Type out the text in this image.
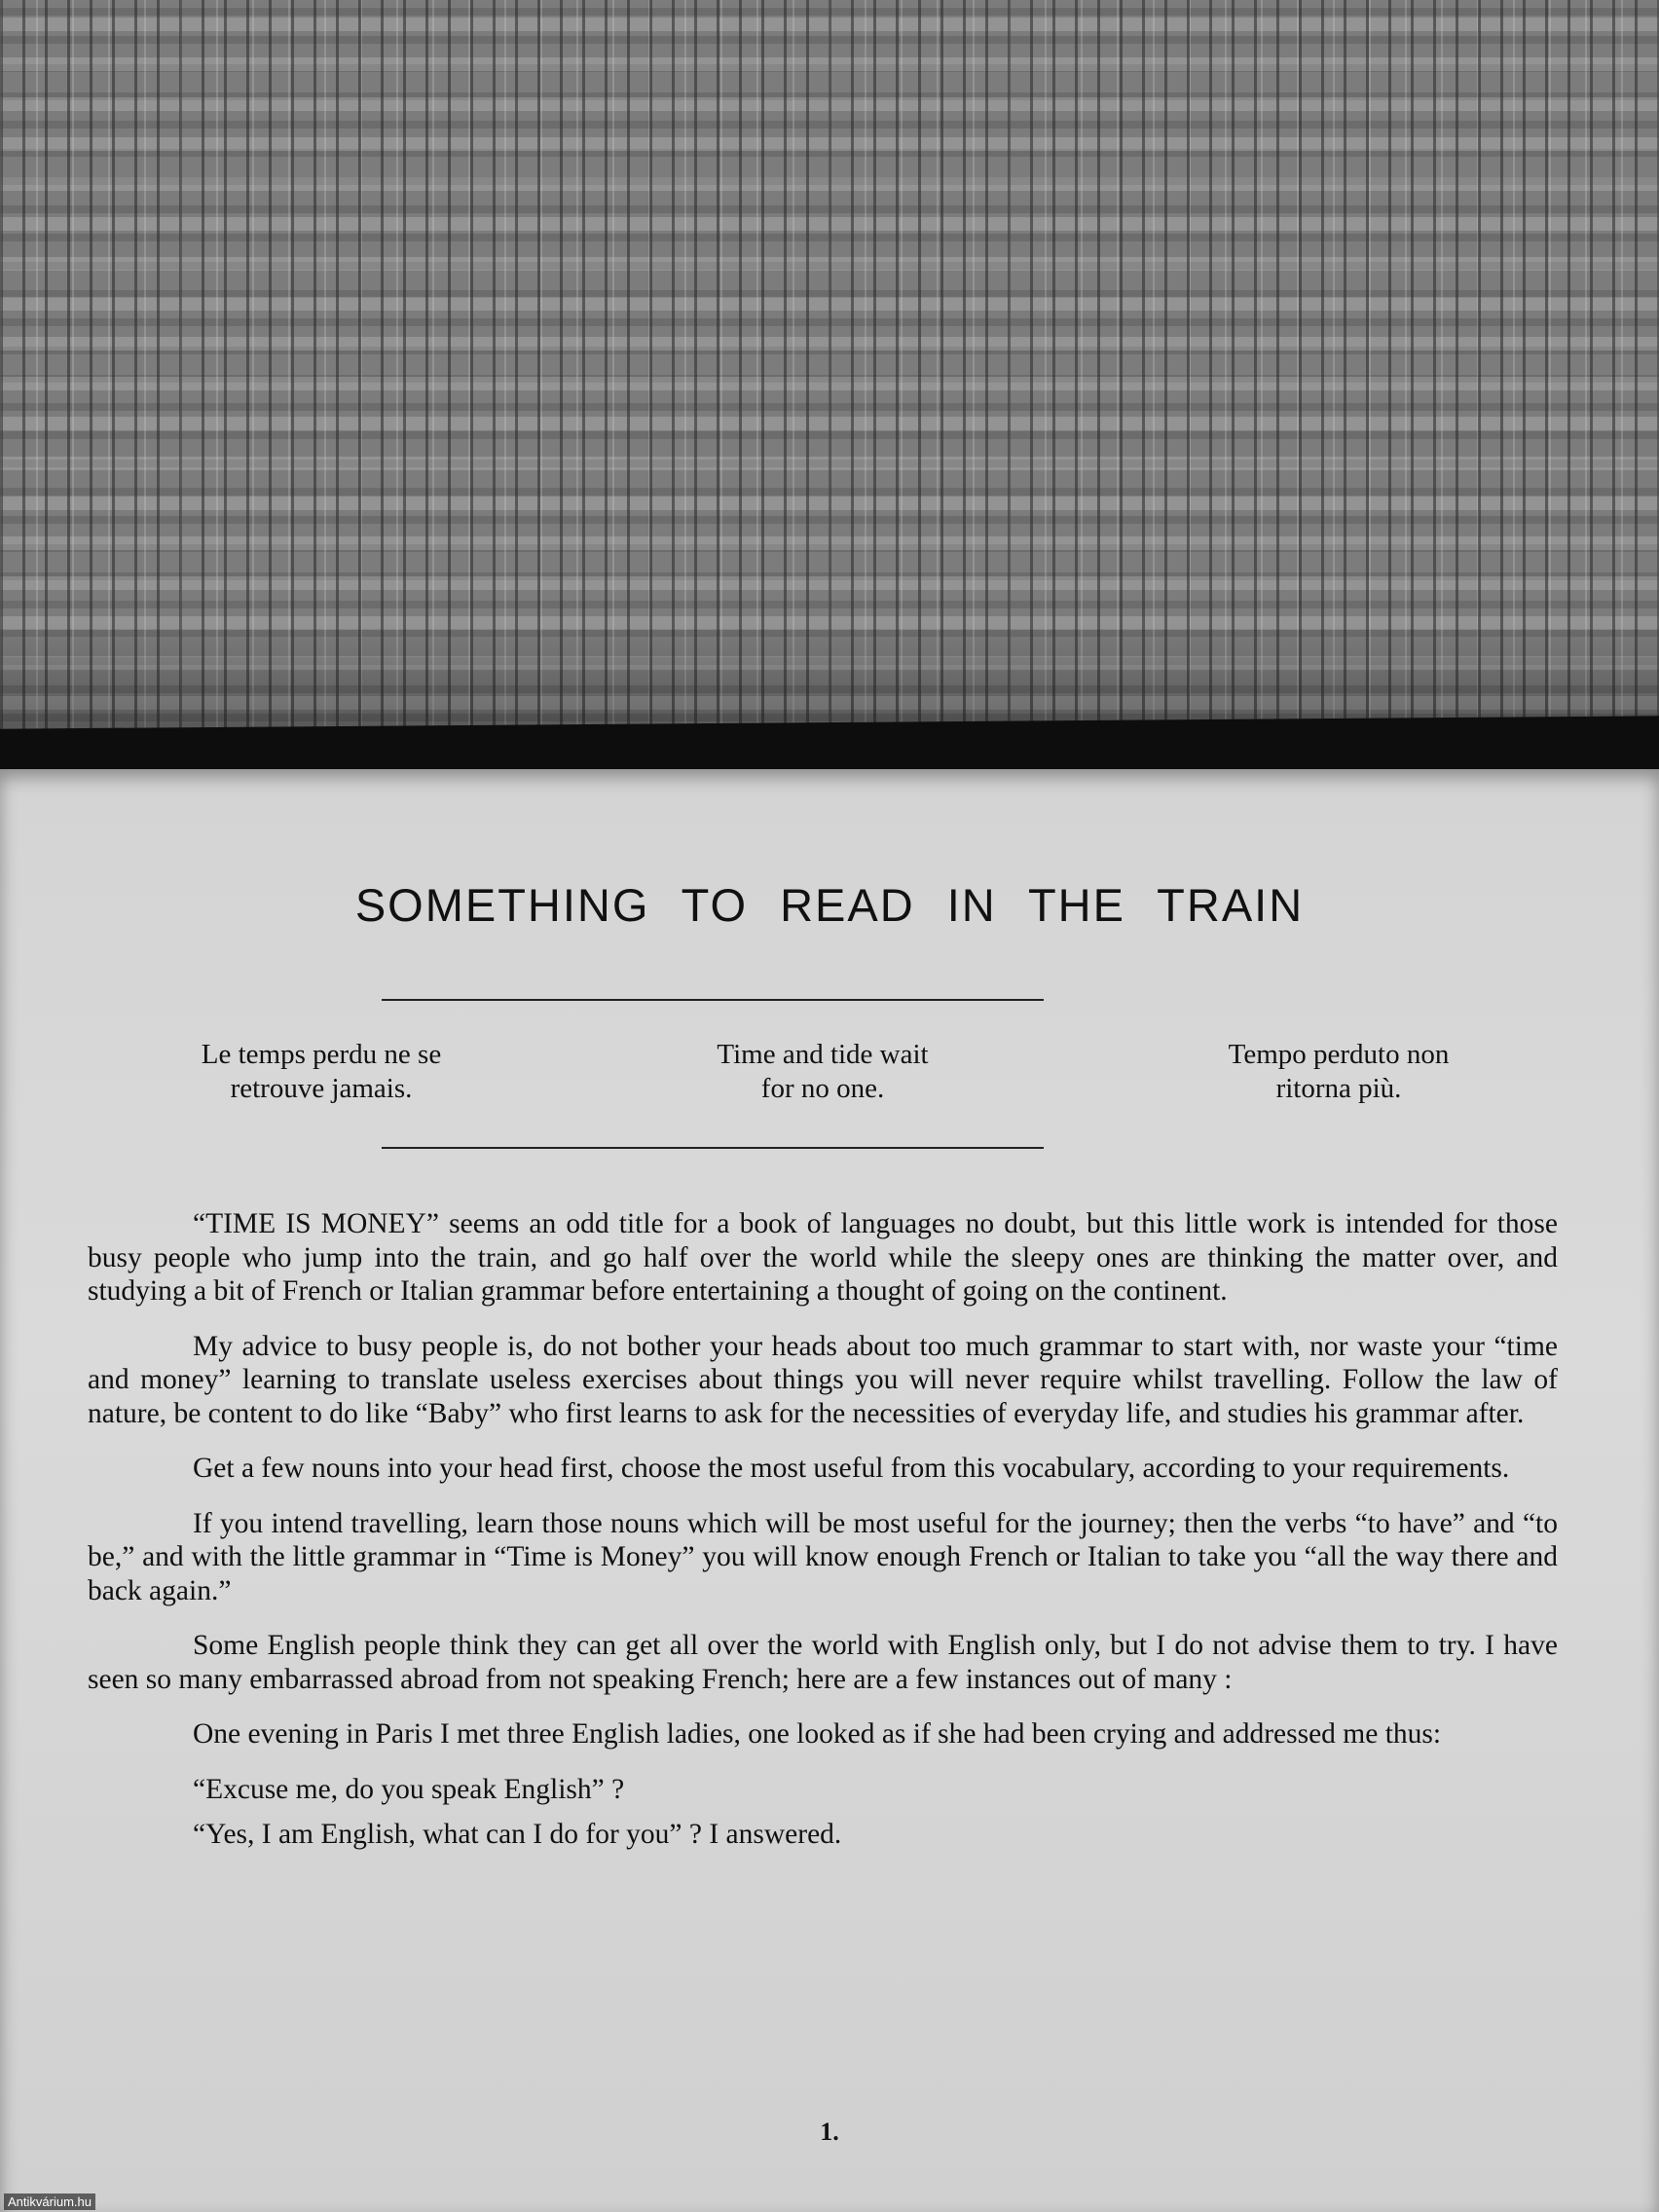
SOMETHING TO READ IN THE TRAIN
Le temps perdu ne se
retrouve jamais.
Time and tide wait
for no one.
Tempo perduto non
ritorna più.

“TIME IS MONEY” seems an odd title for a book of languages no doubt, but this little work is intended for those busy people who jump into the train, and go half over the world while the sleepy ones are thinking the matter over, and studying a bit of French or Italian grammar before entertaining a thought of going on the continent.

My advice to busy people is, do not bother your heads about too much grammar to start with, nor waste your “time and money” learning to translate useless exercises about things you will never require whilst travelling. Follow the law of nature, be content to do like “Baby” who first learns to ask for the necessities of everyday life, and studies his grammar after.

Get a few nouns into your head first, choose the most useful from this vocabulary, according to your requirements.

If you intend travelling, learn those nouns which will be most useful for the journey; then the verbs “to have” and “to be,” and with the little grammar in “Time is Money” you will know enough French or Italian to take you “all the way there and back again.”

Some English people think they can get all over the world with English only, but I do not advise them to try. I have seen so many embarrassed abroad from not speaking French; here are a few instances out of many :

One evening in Paris I met three English ladies, one looked as if she had been crying and addressed me thus:

“Excuse me, do you speak English” ?

“Yes, I am English, what can I do for you” ? I answered.

1.
Antikvárium.hu
